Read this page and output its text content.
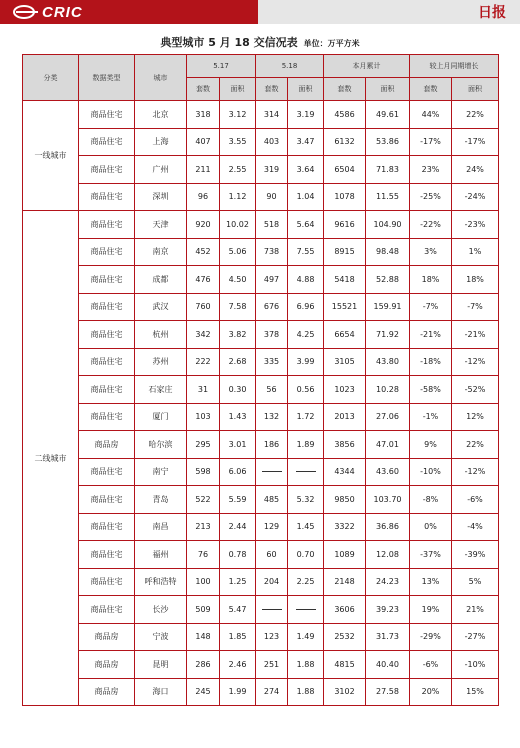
CRIC	日报
典型城市 5 月 18 交信况表 单位：万平方米
分类	数据类型	城市	5.17		5.18		本月累计		较上月同期增长	
			套数	面积	套数	面积	套数	面积	套数	面积
一线城市	商品住宅	北京	318	3.12	314	3.19	4586	49.61	44%	22%
	商品住宅	上海	407	3.55	403	3.47	6132	53.86	-17%	-17%
	商品住宅	广州	211	2.55	319	3.64	6504	71.83	23%	24%
	商品住宅	深圳	96	1.12	90	1.04	1078	11.55	-25%	-24%
二线城市	商品住宅	天津	920	10.02	518	5.64	9616	104.90	-22%	-23%
	商品住宅	南京	452	5.06	738	7.55	8915	98.48	3%	1%
	商品住宅	成都	476	4.50	497	4.88	5418	52.88	18%	18%
	商品住宅	武汉	760	7.58	676	6.96	15521	159.91	-7%	-7%
	商品住宅	杭州	342	3.82	378	4.25	6654	71.92	-21%	-21%
	商品住宅	苏州	222	2.68	335	3.99	3105	43.80	-18%	-12%
	商品住宅	石家庄	31	0.30	56	0.56	1023	10.28	-58%	-52%
	商品住宅	厦门	103	1.43	132	1.72	2013	27.06	-1%	12%
	商品房	哈尔滨	295	3.01	186	1.89	3856	47.01	9%	22%
	商品住宅	南宁	598	6.06			4344	43.60	-10%	-12%
	商品住宅	青岛	522	5.59	485	5.32	9850	103.70	-8%	-6%
	商品住宅	南昌	213	2.44	129	1.45	3322	36.86	0%	-4%
	商品住宅	福州	76	0.78	60	0.70	1089	12.08	-37%	-39%
	商品住宅	呼和浩特	100	1.25	204	2.25	2148	24.23	13%	5%
	商品住宅	长沙	509	5.47			3606	39.23	19%	21%
	商品房	宁波	148	1.85	123	1.49	2532	31.73	-29%	-27%
	商品房	昆明	286	2.46	251	1.88	4815	40.40	-6%	-10%
	商品房	海口	245	1.99	274	1.88	3102	27.58	20%	15%
